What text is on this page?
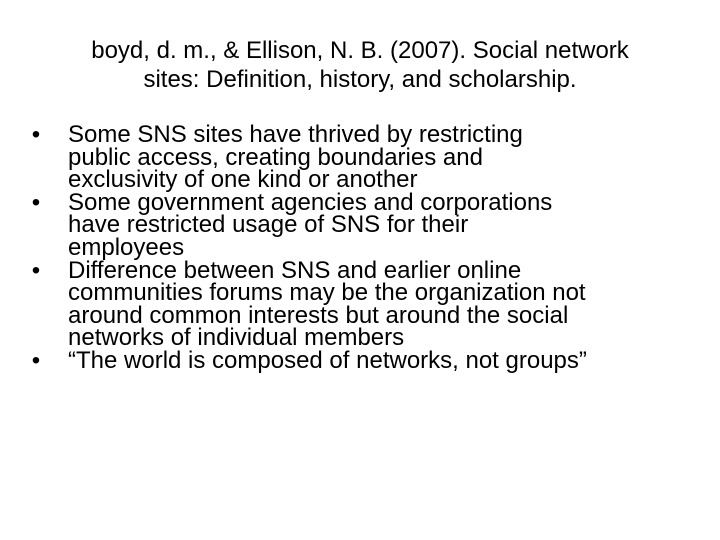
boyd, d. m., & Ellison, N. B. (2007). Social network
sites: Definition, history, and scholarship.
• Some SNS sites have thrived by restricting
public access, creating boundaries and
exclusivity of one kind or another
• Some government agencies and corporations
have restricted usage of SNS for their
employees
• Difference between SNS and earlier online
communities forums may be the organization not
around common interests but around the social
networks of individual members
• “The world is composed of networks, not groups”
